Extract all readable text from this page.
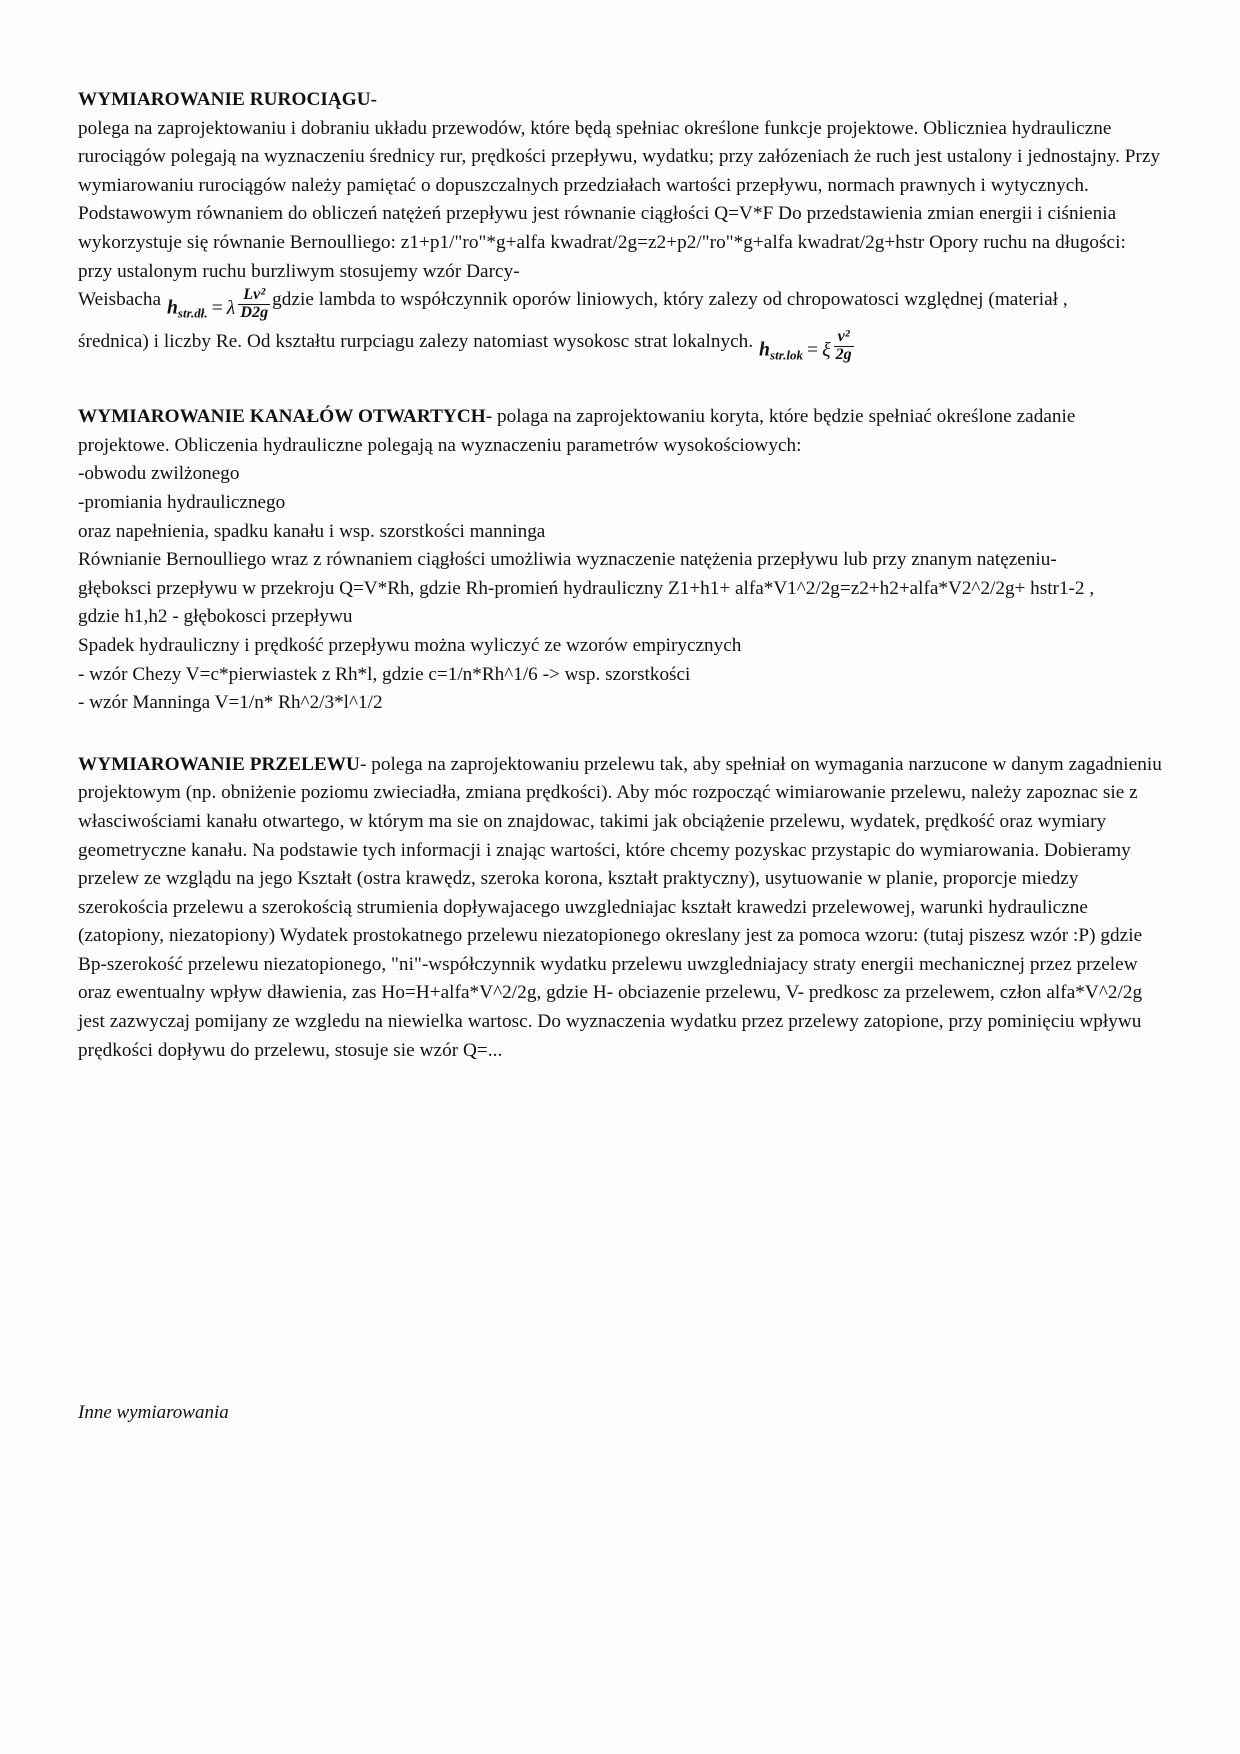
WYMIAROWANIE RUROCIĄGU-

polega na zaprojektowaniu i dobraniu układu przewodów, które będą spełniac określone funkcje projektowe. Obliczniea hydrauliczne rurociągów polegają na wyznaczeniu średnicy rur, prędkości przepływu, wydatku; przy załózeniach że ruch jest ustalony i jednostajny. Przy wymiarowaniu rurociągów należy pamiętać o dopuszczalnych przedziałach wartości przepływu, normach prawnych i wytycznych. Podstawowym równaniem do obliczeń natężeń przepływu jest równanie ciągłości Q=V*F Do przedstawienia zmian energii i ciśnienia wykorzystuje się równanie Bernoulliego: z1+p1/"ro"*g+alfa kwadrat/2g=z2+p2/"ro"*g+alfa kwadrat/2g+hstr Opory ruchu na długości: przy ustalonym ruchu burzliwym stosujemy wzór Darcy-

Weisbacha $h_{str.dł.} = \lambda \frac{\text{Lv²}}{D2g}$ gdzie lambda to współczynnik oporów liniowych, który zalezy od chropowatosci względnej (materiał ,

średnica) i liczby Re. Od kształtu rurpciagu zalezy natomiast wysokosc strat lokalnych. $h_{str.lok} = \xi \frac{\text{v²}}{2g}$

WYMIAROWANIE KANAŁÓW OTWARTYCH- polaga na zaprojektowaniu koryta, które będzie spełniać określone zadanie projektowe. Obliczenia hydrauliczne polegają na wyznaczeniu parametrów wysokościowych:

-obwodu zwilżonego
-promiania hydraulicznego
oraz napełnienia, spadku kanału i wsp. szorstkości manninga
Równianie Bernoulliego wraz z równaniem ciągłości umożliwia wyznaczenie natężenia przepływu lub przy znanym natęzeniu-
głęboksci przepływu w przekroju Q=V*Rh, gdzie Rh-promień hydrauliczny Z1+h1+ alfa*V1^2/2g=z2+h2+alfa*V2^2/2g+ hstr1-2 ,
gdzie h1,h2 - głębokosci przepływu
Spadek hydrauliczny i prędkość przepływu można wyliczyć ze wzorów empirycznych
- wzór Chezy V=c*pierwiastek z Rh*l, gdzie c=1/n*Rh^1/6 -> wsp. szorstkości
- wzór Manninga V=1/n* Rh^2/3*l^1/2

WYMIAROWANIE PRZELEWU- polega na zaprojektowaniu przelewu tak, aby spełniał on wymagania narzucone w danym zagadnieniu projektowym (np. obniżenie poziomu zwieciadła, zmiana prędkości). Aby móc rozpocząć wimiarowanie przelewu, należy zapoznac sie z własciwościami kanału otwartego, w którym ma sie on znajdowac, takimi jak obciążenie przelewu, wydatek, prędkość oraz wymiary geometryczne kanału. Na podstawie tych informacji i znając wartości, które chcemy pozyskac przystapic do wymiarowania. Dobieramy przelew ze wzglądu na jego Kształt (ostra krawędz, szeroka korona, kształt praktyczny), usytuowanie w planie, proporcje miedzy szerokościa przelewu a szerokością strumienia dopływajacego uwzgledniajac kształt krawedzi przelewowej, warunki hydrauliczne (zatopiony, niezatopiony) Wydatek prostokatnego przelewu niezatopionego okreslany jest za pomoca wzoru: (tutaj piszesz wzór :P) gdzie Bp-szerokość przelewu niezatopionego, "ni"-współczynnik wydatku przelewu uwzgledniajacy straty energii mechanicznej przez przelew oraz ewentualny wpływ dławienia, zas Ho=H+alfa*V^2/2g, gdzie H- obciazenie przelewu, V- predkosc za przelewem, człon alfa*V^2/2g jest zazwyczaj pomijany ze wzgledu na niewielka wartosc. Do wyznaczenia wydatku przez przelewy zatopione, przy pominięciu wpływu prędkości dopływu do przelewu, stosuje sie wzór Q=...

Inne wymiarowania
